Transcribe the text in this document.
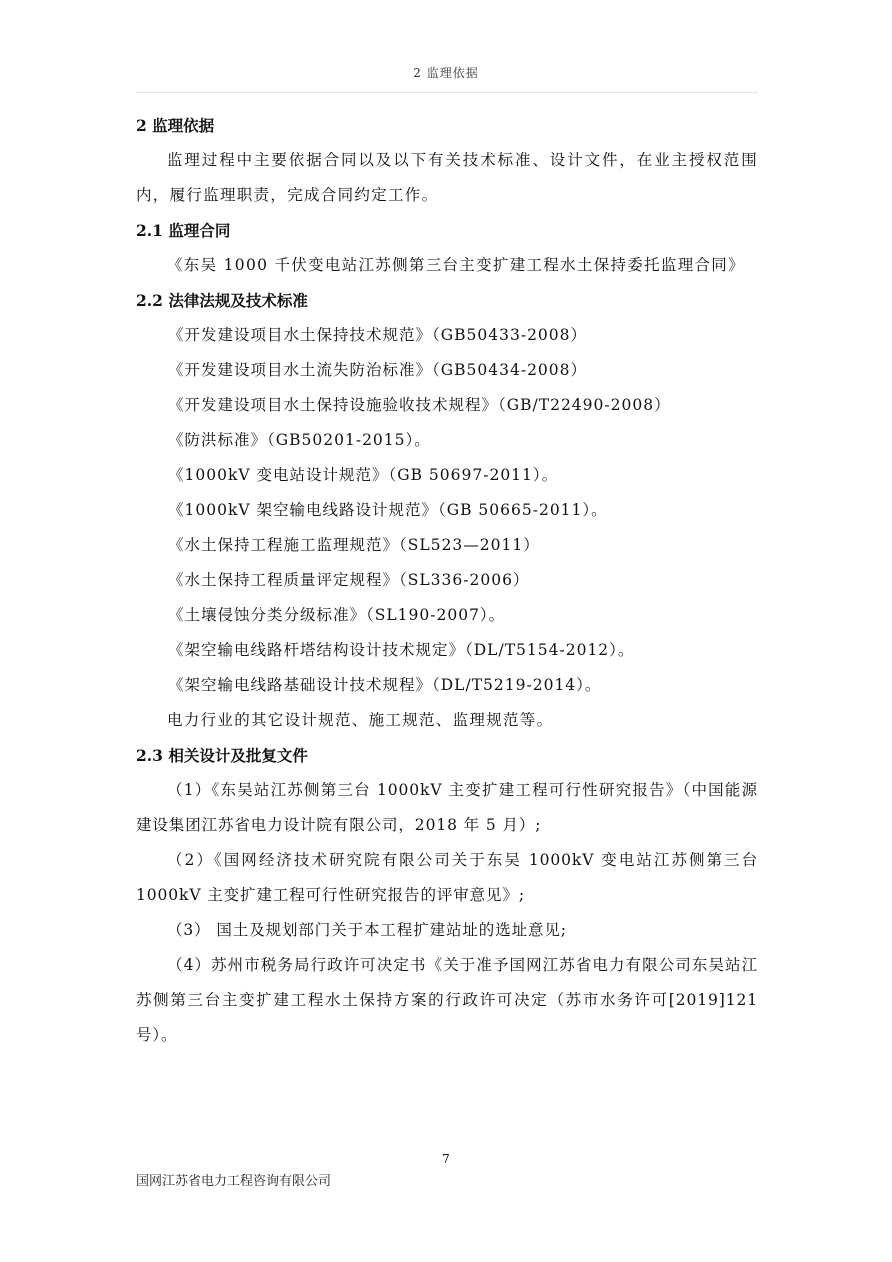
2 监理依据
2 监理依据
监理过程中主要依据合同以及以下有关技术标准、设计文件，在业主授权范围内，履行监理职责，完成合同约定工作。
2.1 监理合同
《东吴 1000 千伏变电站江苏侧第三台主变扩建工程水土保持委托监理合同》
2.2 法律法规及技术标准
《开发建设项目水土保持技术规范》（GB50433-2008）
《开发建设项目水土流失防治标准》（GB50434-2008）
《开发建设项目水土保持设施验收技术规程》（GB/T22490-2008）
《防洪标准》（GB50201-2015）。
《1000kV 变电站设计规范》（GB 50697-2011）。
《1000kV 架空输电线路设计规范》（GB 50665-2011）。
《水土保持工程施工监理规范》（SL523—2011）
《水土保持工程质量评定规程》（SL336-2006）
《土壤侵蚀分类分级标准》（SL190-2007）。
《架空输电线路杆塔结构设计技术规定》（DL/T5154-2012）。
《架空输电线路基础设计技术规程》（DL/T5219-2014）。
电力行业的其它设计规范、施工规范、监理规范等。
2.3 相关设计及批复文件
（1）《东吴站江苏侧第三台 1000kV 主变扩建工程可行性研究报告》（中国能源建设集团江苏省电力设计院有限公司，2018 年 5 月）;
（2）《国网经济技术研究院有限公司关于东吴 1000kV 变电站江苏侧第三台 1000kV 主变扩建工程可行性研究报告的评审意见》;
（3） 国土及规划部门关于本工程扩建站址的选址意见;
（4）苏州市税务局行政许可决定书《关于准予国网江苏省电力有限公司东吴站江苏侧第三台主变扩建工程水土保持方案的行政许可决定（苏市水务许可[2019]121 号）。
7
国网江苏省电力工程咨询有限公司
